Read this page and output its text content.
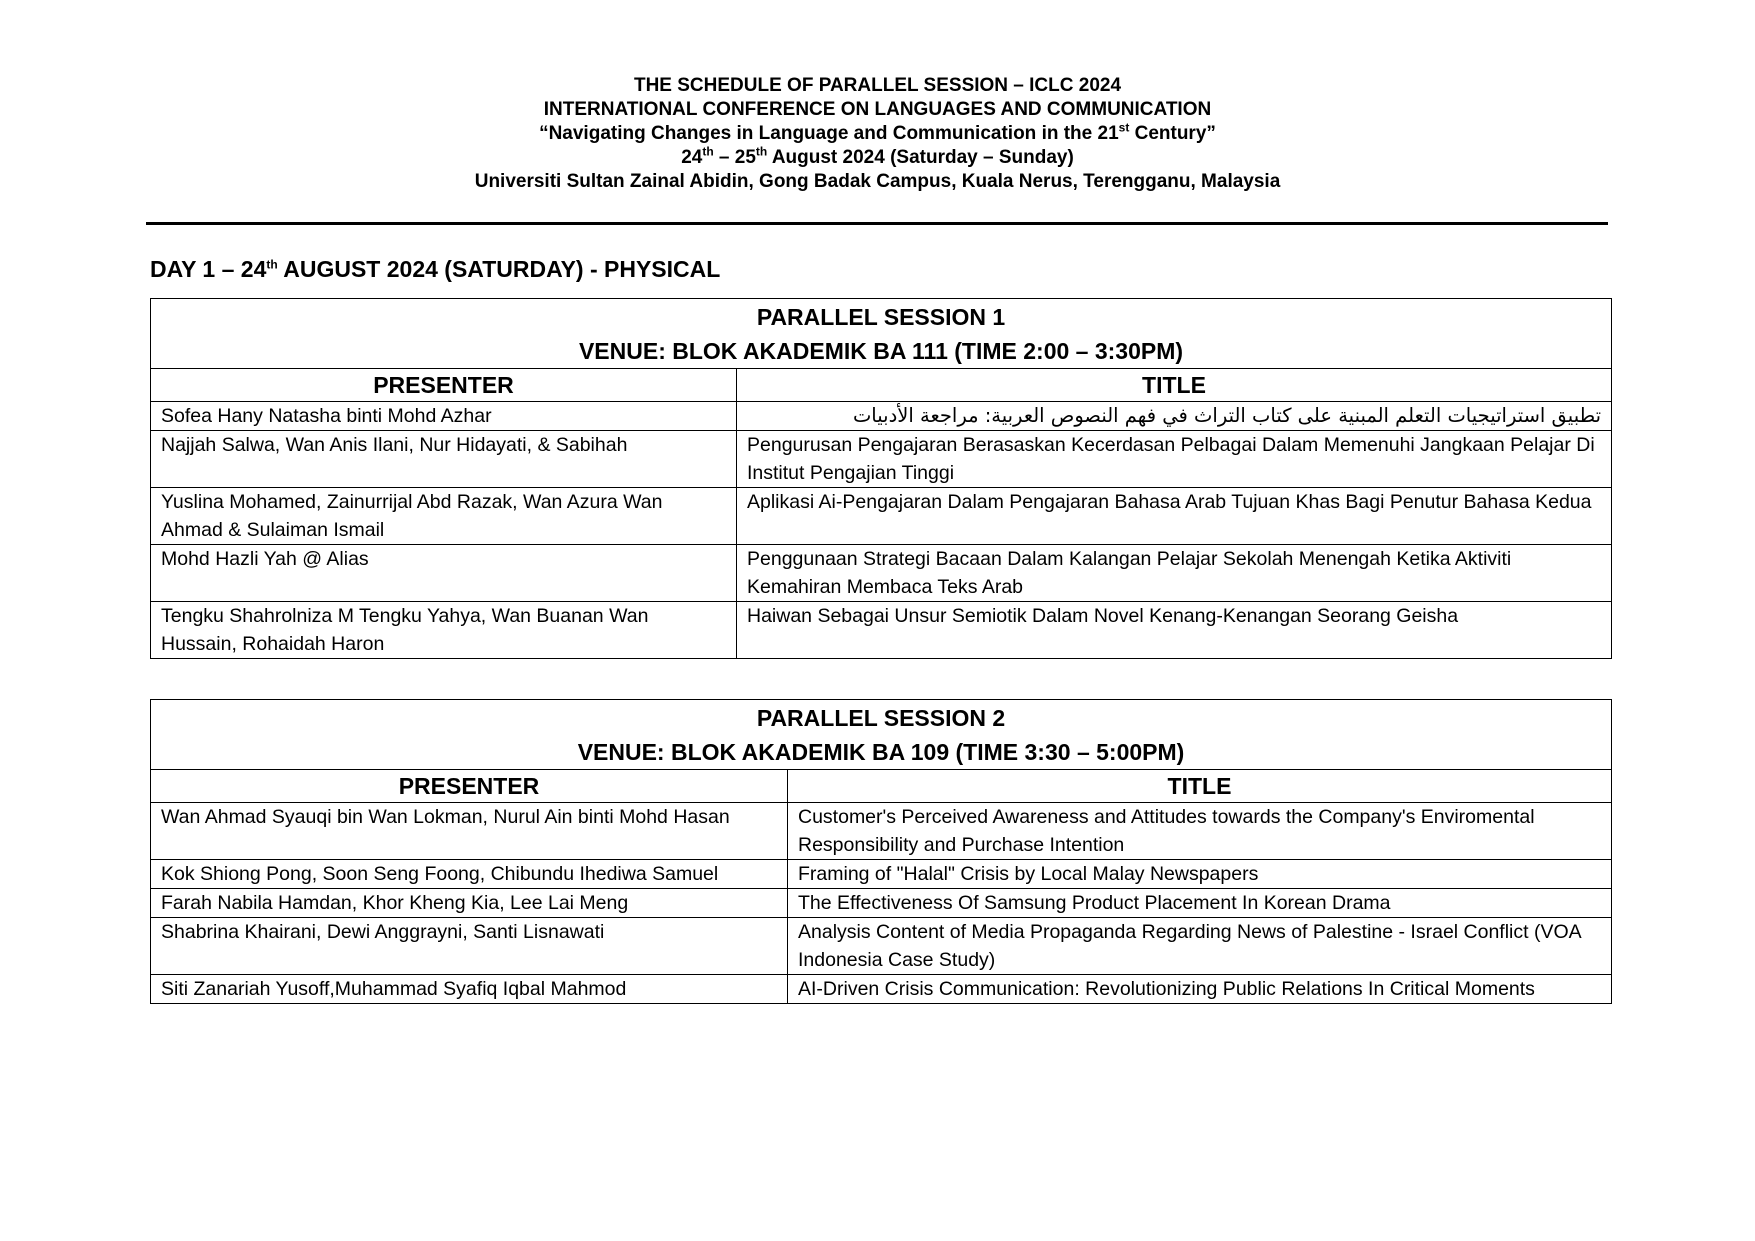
THE SCHEDULE OF PARALLEL SESSION – ICLC 2024
INTERNATIONAL CONFERENCE ON LANGUAGES AND COMMUNICATION
“Navigating Changes in Language and Communication in the 21st Century”
24th – 25th August 2024 (Saturday – Sunday)
Universiti Sultan Zainal Abidin, Gong Badak Campus, Kuala Nerus, Terengganu, Malaysia
DAY 1 – 24th AUGUST 2024 (SATURDAY) - PHYSICAL
PARALLEL SESSION 1
VENUE: BLOK AKADEMIK BA 111 (TIME 2:00 – 3:30PM)	

PRESENTER	TITLE
Sofea Hany Natasha binti Mohd Azhar	تطبيق استراتيجيات التعلم المبنية على كتاب التراث في فهم النصوص العربية: مراجعة الأدبيات
Najjah Salwa, Wan Anis Ilani, Nur Hidayati, & Sabihah	Pengurusan Pengajaran Berasaskan Kecerdasan Pelbagai Dalam Memenuhi Jangkaan Pelajar Di Institut Pengajian Tinggi
Yuslina Mohamed, Zainurrijal Abd Razak, Wan Azura Wan Ahmad & Sulaiman Ismail	Aplikasi Ai-Pengajaran Dalam Pengajaran Bahasa Arab Tujuan Khas Bagi Penutur Bahasa Kedua
Mohd Hazli Yah @ Alias	Penggunaan Strategi Bacaan Dalam Kalangan Pelajar Sekolah Menengah Ketika Aktiviti Kemahiran Membaca Teks Arab
Tengku Shahrolniza M Tengku Yahya, Wan Buanan Wan Hussain, Rohaidah Haron	Haiwan Sebagai Unsur Semiotik Dalam Novel Kenang-Kenangan Seorang Geisha
PARALLEL SESSION 2
VENUE: BLOK AKADEMIK BA 109 (TIME 3:30 – 5:00PM)	

PRESENTER	TITLE
Wan Ahmad Syauqi bin Wan Lokman, Nurul Ain binti Mohd Hasan	Customer's Perceived Awareness and Attitudes towards the Company's Enviromental Responsibility and Purchase Intention
Kok Shiong Pong, Soon Seng Foong, Chibundu Ihediwa Samuel	Framing of "Halal" Crisis by Local Malay Newspapers
Farah Nabila Hamdan, Khor Kheng Kia, Lee Lai Meng	The Effectiveness Of Samsung Product Placement In Korean Drama
Shabrina Khairani, Dewi Anggrayni, Santi Lisnawati	Analysis Content of Media Propaganda Regarding News of Palestine - Israel Conflict (VOA Indonesia Case Study)
Siti Zanariah Yusoff,Muhammad Syafiq Iqbal Mahmod	AI-Driven Crisis Communication: Revolutionizing Public Relations In Critical Moments
